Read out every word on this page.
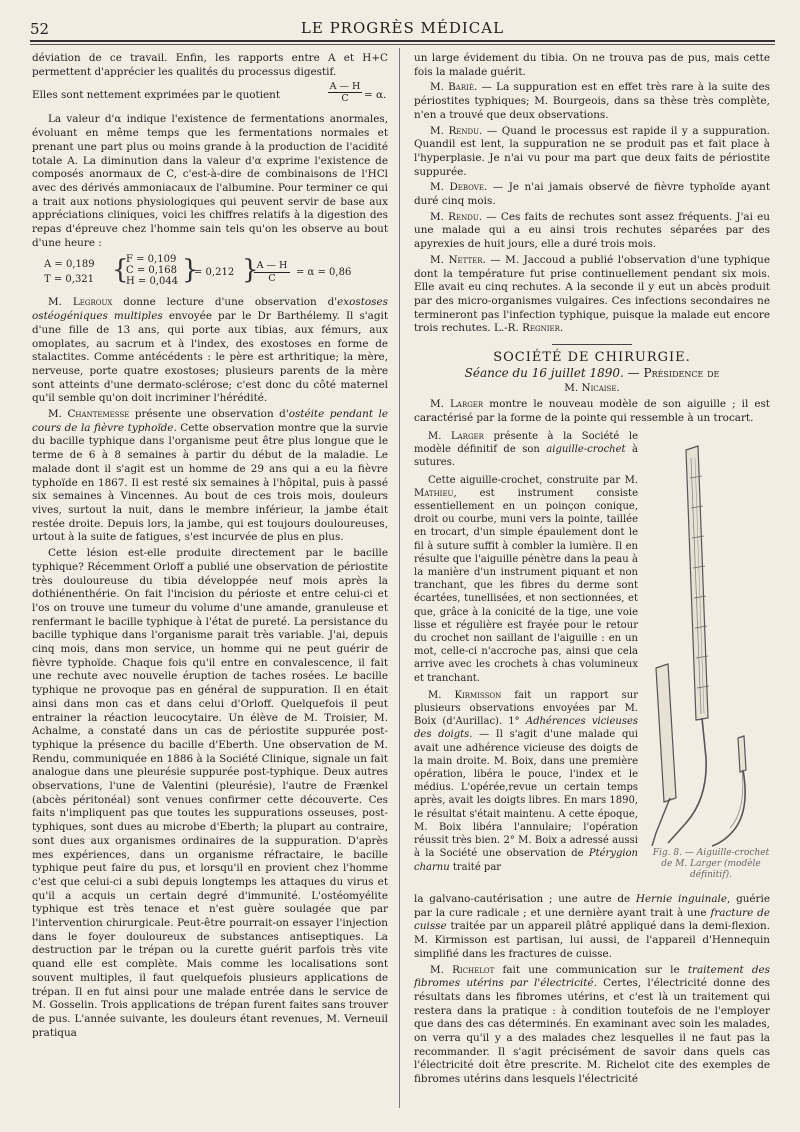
52	LE PROGRÈS MÉDICAL

déviation de ce travail. Enfin, les rapports entre A et H+C permettent d'apprécier les qualités du processus digestif.

Elles sont nettement exprimées par le quotient	$\frac{A — H}{C} = \alpha$.

La valeur d'α indique l'existence de fermentations anormales, évoluant en même temps que les fermentations normales et prenant une part plus ou moins grande à la production de l'acidité totale A. La diminution dans la valeur d'α exprime l'existence de composés anormaux de C, c'est-à-dire de combinaisons de l'HCl avec des dérivés ammoniacaux de l'albumine. Pour terminer ce qui a trait aux notions physiologiques qui peuvent servir de base aux appréciations cliniques, voici les chiffres relatifs à la digestion des repas d'épreuve chez l'homme sain tels qu'on les observe au bout d'une heure :

A = 0,189
T = 0,321 {
F = 0,109
C = 0,168
H = 0,044 }
= 0,212 }
$\frac{A — H}{C} = \alpha = 0,86$

M. Legroux donne lecture d'une observation d'exostoses ostéogéniques multiples envoyée par le Dr Barthélemy. Il s'agit d'une fille de 13 ans, qui porte aux tibias, aux fémurs, aux omoplates, au sacrum et à l'index, des exostoses en forme de stalactites. Comme antécédents : le père est arthritique; la mère, nerveuse, porte quatre exostoses; plusieurs parents de la mère sont atteints d'une dermato-sclérose; c'est donc du côté maternel qu'il semble qu'on doit incriminer l'hérédité.

M. Chantemesse présente une observation d'ostéite pendant le cours de la fièvre typhoïde. Cette observation montre que la survie du bacille typhique dans l'organisme peut être plus longue que le terme de 6 à 8 semaines à partir du début de la maladie. Le malade dont il s'agit est un homme de 29 ans qui a eu la fièvre typhoïde en 1867. Il est resté six semaines à l'hôpital, puis à passé six semaines à Vincennes. Au bout de ces trois mois, douleurs vives, surtout la nuit, dans le membre inférieur, la jambe était restée droite. Depuis lors, la jambe, qui est toujours douloureuses, urtout à la suite de fatigues, s'est incurvée de plus en plus.

Cette lésion est-elle produite directement par le bacille typhique? Récemment Orloff a publié une observation de périostite très douloureuse du tibia développée neuf mois après la dothiénenthérie. On fait l'incision du périoste et entre celui-ci et l'os on trouve une tumeur du volume d'une amande, granuleuse et renfermant le bacille typhique à l'état de pureté. La persistance du bacille typhique dans l'organisme parait très variable. J'ai, depuis cinq mois, dans mon service, un homme qui ne peut guérir de fièvre typhoïde. Chaque fois qu'il entre en convalescence, il fait une rechute avec nouvelle éruption de taches rosées. Le bacille typhique ne provoque pas en général de suppuration. Il en était ainsi dans mon cas et dans celui d'Orloff. Quelquefois il peut entrainer la réaction leucocytaire. Un élève de M. Troisier, M. Achalme, a constaté dans un cas de périostite suppurée post-typhique la présence du bacille d'Eberth. Une observation de M. Rendu, communiquée en 1886 à la Société Clinique, signale un fait analogue dans une pleurésie suppurée post-typhique. Deux autres observations, l'une de Valentini (pleurésie), l'autre de Frænkel (abcès péritonéal) sont venues confirmer cette découverte. Ces faits n'impliquent pas que toutes les suppurations osseuses, post-typhiques, sont dues au microbe d'Eberth; la plupart au contraire, sont dues aux organismes ordinaires de la suppuration. D'après mes expériences, dans un organisme réfractaire, le bacille typhique peut faire du pus, et lorsqu'il en provient chez l'homme c'est que celui-ci a subi depuis longtemps les attaques du virus et qu'il a acquis un certain degré d'immunité. L'ostéomyélite typhique est très tenace et n'est guère soulagée que par l'intervention chirurgicale. Peut-être pourrait-on essayer l'injection dans le foyer douloureux de substances antiseptiques. La destruction par le trépan ou la curette guérit parfois très vite quand elle est complète. Mais comme les localisations sont souvent multiples, il faut quelquefois plusieurs applications de trépan. Il en fut ainsi pour une malade entrée dans le service de M. Gosselin. Trois applications de trépan furent faites sans trouver de pus. L'année suivante, les douleurs étant revenues, M. Verneuil pratiqua

un large évidement du tibia. On ne trouva pas de pus, mais cette fois la malade guérit.

M. Barié. — La suppuration est en effet très rare à la suite des périostites typhiques; M. Bourgeois, dans sa thèse très complète, n'en a trouvé que deux observations.

M. Rendu. — Quand le processus est rapide il y a suppuration. Quandil est lent, la suppuration ne se produit pas et fait place à l'hyperplasie. Je n'ai vu pour ma part que deux faits de périostite suppurée.

M. Debove. — Je n'ai jamais observé de fièvre typhoïde ayant duré cinq mois.

M. Rendu. — Ces faits de rechutes sont assez fréquents. J'ai eu une malade qui a eu ainsi trois rechutes séparées par des apyrexies de huit jours, elle a duré trois mois.

M. Netter. — M. Jaccoud a publié l'observation d'une typhique dont la température fut prise continuellement pendant six mois. Elle avait eu cinq rechutes. A la seconde il y eut un abcès produit par des micro-organismes vulgaires. Ces infections secondaires ne termineront pas l'infection typhique, puisque la malade eut encore trois rechutes. L.-R. Regnier.

SOCIÉTÉ DE CHIRURGIE.

Séance du 16 juillet 1890. — Présidence de

M. Nicaise.

M. Larger montre le nouveau modèle de son aiguille ; il est caractérisé par la forme de la pointe qui ressemble à un trocart.

M. Larger présente à la Société le modèle définitif de son aiguille-crochet à sutures.

Cette aiguille-crochet, construite par M. Mathieu, est instrument consiste essentiellement en un poinçon conique, droit ou courbe, muni vers la pointe, taillée en trocart, d'un simple épaulement dont le fil à suture suffit à combler la lumière. Il en résulte que l'aiguille pénètre dans la peau à la manière d'un instrument piquant et non tranchant, que les fibres du derme sont écartées, tunellisées, et non sectionnées, et que, grâce à la conicité de la tige, une voie lisse et régulière est frayée pour le retour du crochet non saillant de l'aiguille : en un mot, celle-ci n'accroche pas, ainsi que cela arrive avec les crochets à chas volumineux et tranchant.

M. Kirmisson fait un rapport sur plusieurs observations envoyées par M. Boix (d'Aurillac). 1° Adhérences vicieuses des doigts. — Il s'agit d'une malade qui avait une adhérence vicieuse des doigts de la main droite. M. Boix, dans une première opération, libéra le pouce, l'index et le médius. L'opérée,revue un certain temps après, avait les doigts libres. En mars 1890, le résultat s'était maintenu. A cette époque, M. Boix libéra l'annulaire; l'opération réussit très bien. 2° M. Boix a adressé aussi à la Société une observation de Ptérygion charnu traité par

Fig. 8. — Aiguille-crochet de M. Larger (modèle définitif).

la galvano-cautérisation ; une autre de Hernie inguinale, guérie par la cure radicale ; et une dernière ayant trait à une fracture de cuisse traitée par un appareil plâtré appliqué dans la demi-flexion. M. Kirmisson est partisan, lui aussi, de l'appareil d'Hennequin simplifié dans les fractures de cuisse.

M. Richelot fait une communication sur le traitement des fibromes utérins par l'électricité. Certes, l'électricité donne des résultats dans les fibromes utérins, et c'est là un traitement qui restera dans la pratique : à condition toutefois de ne l'employer que dans des cas déterminés. En examinant avec soin les malades, on verra qu'il y a des malades chez lesquelles il ne faut pas la recommander. Il s'agit précisément de savoir dans quels cas l'électricité doit être prescrite. M. Richelot cite des exemples de fibromes utérins dans lesquels l'électricité
